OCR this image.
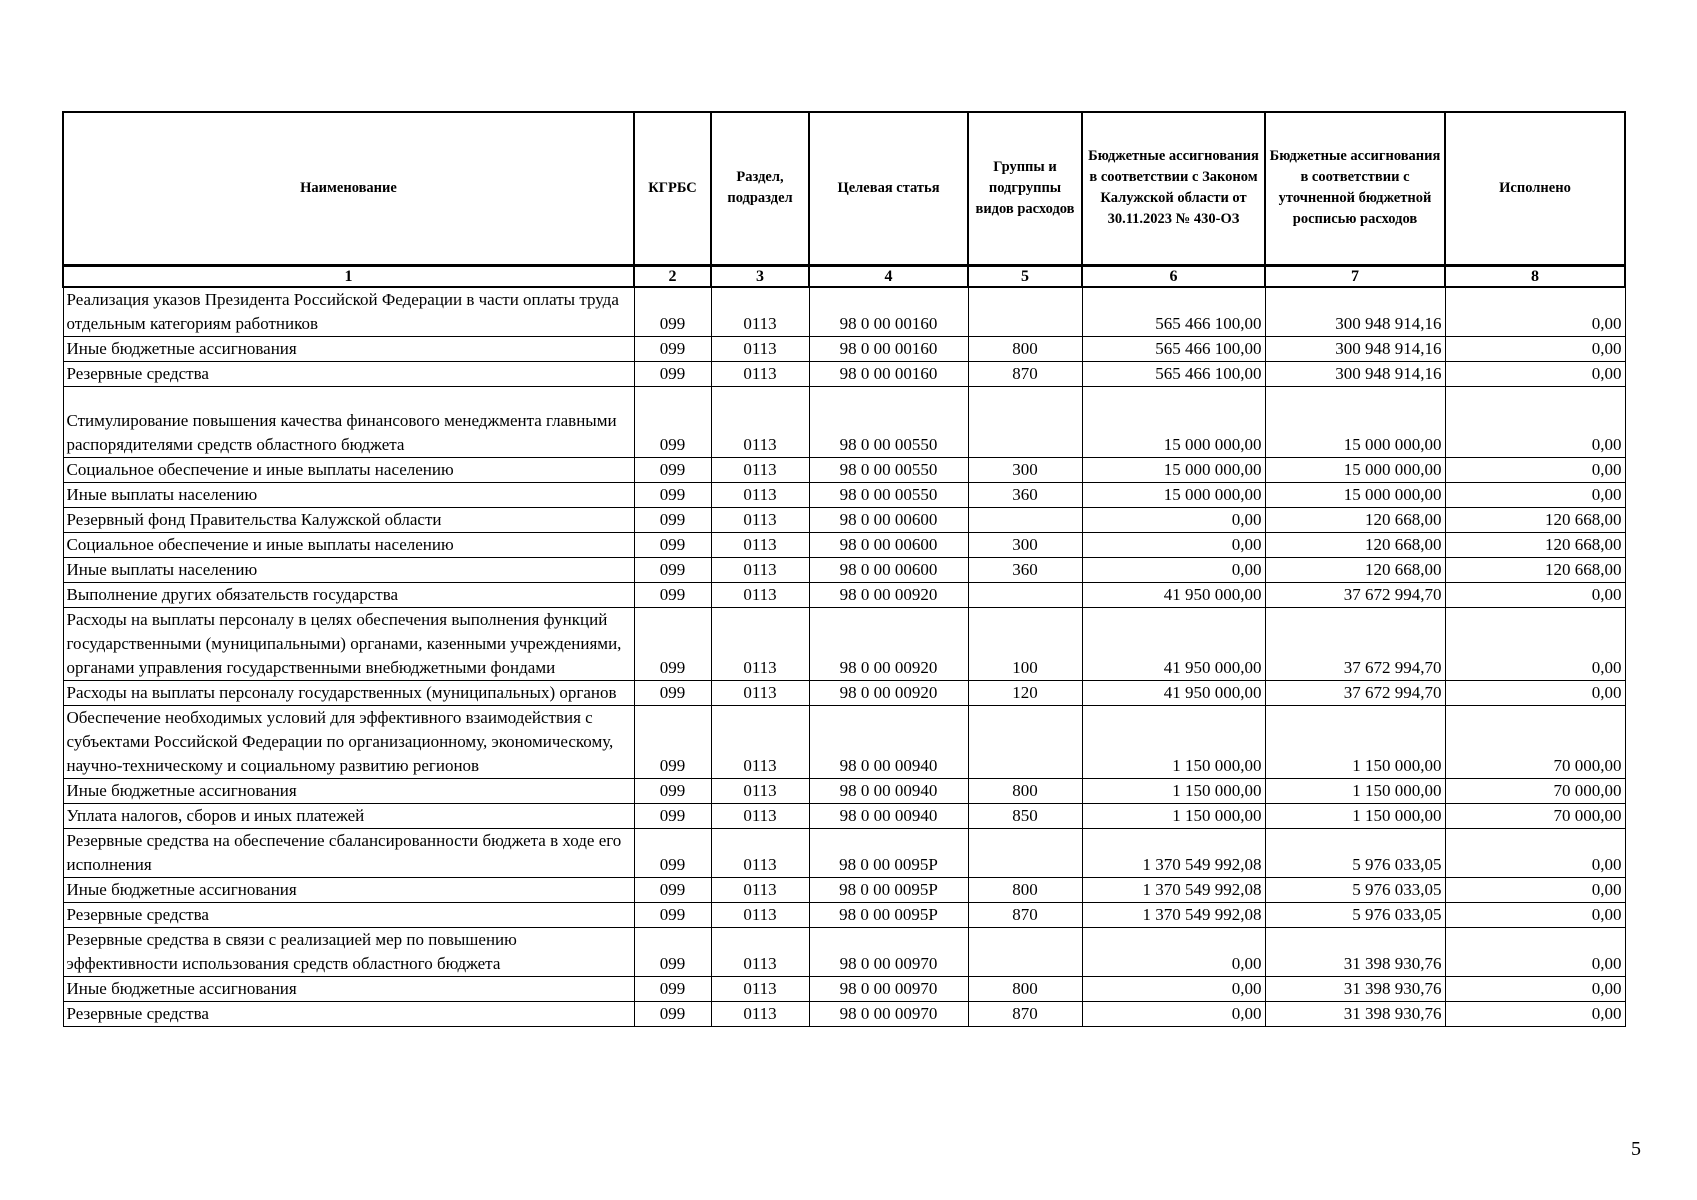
Наименование	КГРБС	Раздел, подраздел	Целевая статья	Группы и подгруппы видов расходов	Бюджетные ассигнования в соответствии с Законом Калужской области от 30.11.2023 № 430-ОЗ	Бюджетные ассигнования в соответствии с уточненной бюджетной росписью расходов	Исполнено
1	2	3	4	5	6	7	8
Реализация указов Президента Российской Федерации в части оплаты труда отдельным категориям работников	099	0113	98 0 00 00160		565 466 100,00	300 948 914,16	0,00
Иные бюджетные ассигнования	099	0113	98 0 00 00160	800	565 466 100,00	300 948 914,16	0,00
Резервные средства	099	0113	98 0 00 00160	870	565 466 100,00	300 948 914,16	0,00
Стимулирование повышения качества финансового менеджмента главными распорядителями средств областного бюджета	099	0113	98 0 00 00550		15 000 000,00	15 000 000,00	0,00
Социальное обеспечение и иные выплаты населению	099	0113	98 0 00 00550	300	15 000 000,00	15 000 000,00	0,00
Иные выплаты населению	099	0113	98 0 00 00550	360	15 000 000,00	15 000 000,00	0,00
Резервный фонд Правительства Калужской области	099	0113	98 0 00 00600		0,00	120 668,00	120 668,00
Социальное обеспечение и иные выплаты населению	099	0113	98 0 00 00600	300	0,00	120 668,00	120 668,00
Иные выплаты населению	099	0113	98 0 00 00600	360	0,00	120 668,00	120 668,00
Выполнение других обязательств государства	099	0113	98 0 00 00920		41 950 000,00	37 672 994,70	0,00
Расходы на выплаты персоналу в целях обеспечения выполнения функций государственными (муниципальными) органами, казенными учреждениями, органами управления государственными внебюджетными фондами	099	0113	98 0 00 00920	100	41 950 000,00	37 672 994,70	0,00
Расходы на выплаты персоналу государственных (муниципальных) органов	099	0113	98 0 00 00920	120	41 950 000,00	37 672 994,70	0,00
Обеспечение необходимых условий для эффективного взаимодействия с субъектами Российской Федерации по организационному, экономическому, научно-техническому и социальному развитию регионов	099	0113	98 0 00 00940		1 150 000,00	1 150 000,00	70 000,00
Иные бюджетные ассигнования	099	0113	98 0 00 00940	800	1 150 000,00	1 150 000,00	70 000,00
Уплата налогов, сборов и иных платежей	099	0113	98 0 00 00940	850	1 150 000,00	1 150 000,00	70 000,00
Резервные средства на обеспечение сбалансированности бюджета в ходе его исполнения	099	0113	98 0 00 0095Р		1 370 549 992,08	5 976 033,05	0,00
Иные бюджетные ассигнования	099	0113	98 0 00 0095Р	800	1 370 549 992,08	5 976 033,05	0,00
Резервные средства	099	0113	98 0 00 0095Р	870	1 370 549 992,08	5 976 033,05	0,00
Резервные средства в связи с реализацией мер по повышению эффективности использования средств областного бюджета	099	0113	98 0 00 00970		0,00	31 398 930,76	0,00
Иные бюджетные ассигнования	099	0113	98 0 00 00970	800	0,00	31 398 930,76	0,00
Резервные средства	099	0113	98 0 00 00970	870	0,00	31 398 930,76	0,00
5
